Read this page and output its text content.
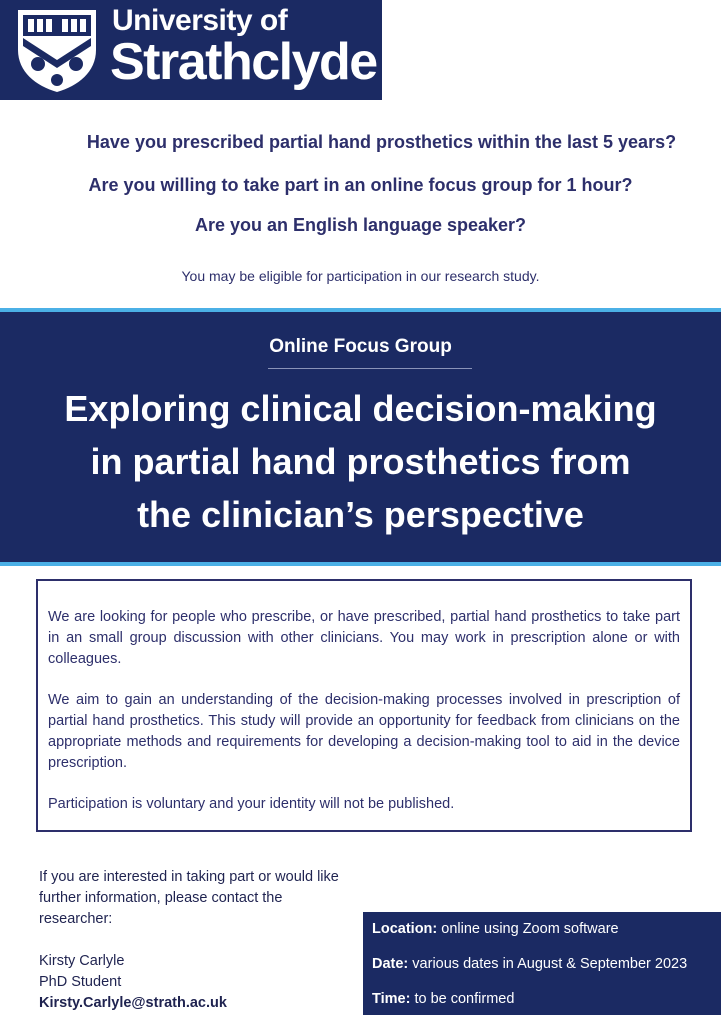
University of
Strathclyde
Have you prescribed partial hand prosthetics within the last 5 years?
Are you willing to take part in an online focus group for 1 hour?
Are you an English language speaker?
You may be eligible for participation in our research study.
Online Focus Group
Exploring clinical decision-making
in partial hand prosthetics from
the clinician’s perspective

We are looking for people who prescribe, or have prescribed, partial hand prosthetics to take part in an small group discussion with other clinicians. You may work in prescription alone or with colleagues.

We aim to gain an understanding of the decision-making processes involved in prescription of partial hand prosthetics. This study will provide an opportunity for feedback from clinicians on the appropriate methods and requirements for developing a decision-making tool to aid in the device prescription.

Participation is voluntary and your identity will not be published.

If you are interested in taking part or would like further information, please contact the researcher:
Kirsty Carlyle
PhD Student
Kirsty.Carlyle@strath.ac.uk
Location: online using Zoom software
Date: various dates in August & September 2023
Time: to be confirmed
